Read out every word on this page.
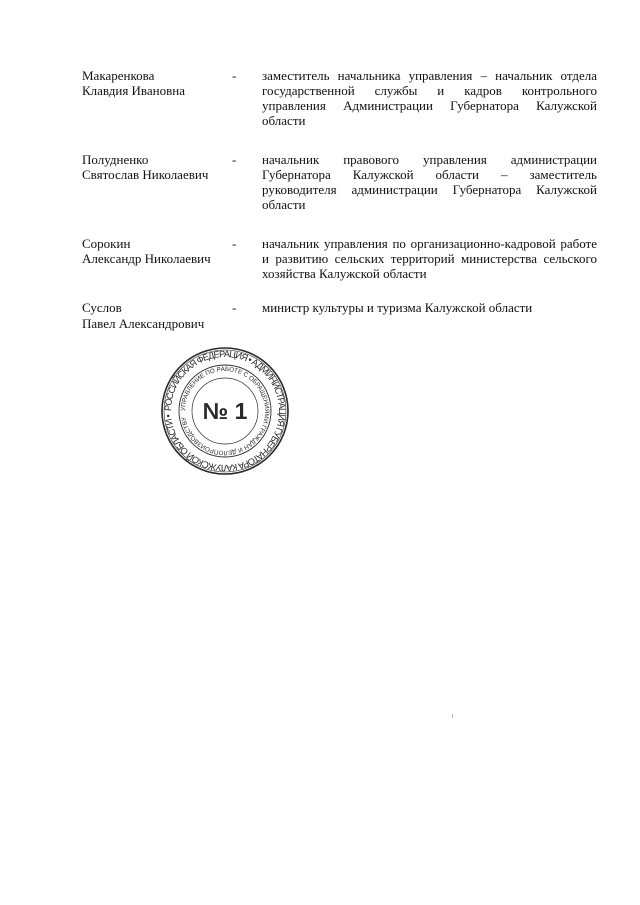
Макаренкова
Клавдия Ивановна
- заместитель начальника управления – начальник отдела государственной службы и кадров контрольного управления Администрации Губернатора Калужской области
Полудненко
Святослав Николаевич
- начальник правового управления администрации Губернатора Калужской области – заместитель руководителя администрации Губернатора Калужской области
Сорокин
Александр Николаевич
- начальник управления по организационно-кадровой работе и развитию сельских территорий министерства сельского хозяйства Калужской области
Суслов
Павел Александрович
- министр культуры и туризма Калужской области
РОССИЙСКАЯ ФЕДЕРАЦИЯ • АДМИНИСТРАЦИЯ ГУБЕРНАТОРА КАЛУЖСКОЙ ОБЛАСТИ •
УПРАВЛЕНИЕ ПО РАБОТЕ С ОБРАЩЕНИЯМИ ГРАЖДАН И ДЕЛОПРОИЗВОДСТВУ № 1
